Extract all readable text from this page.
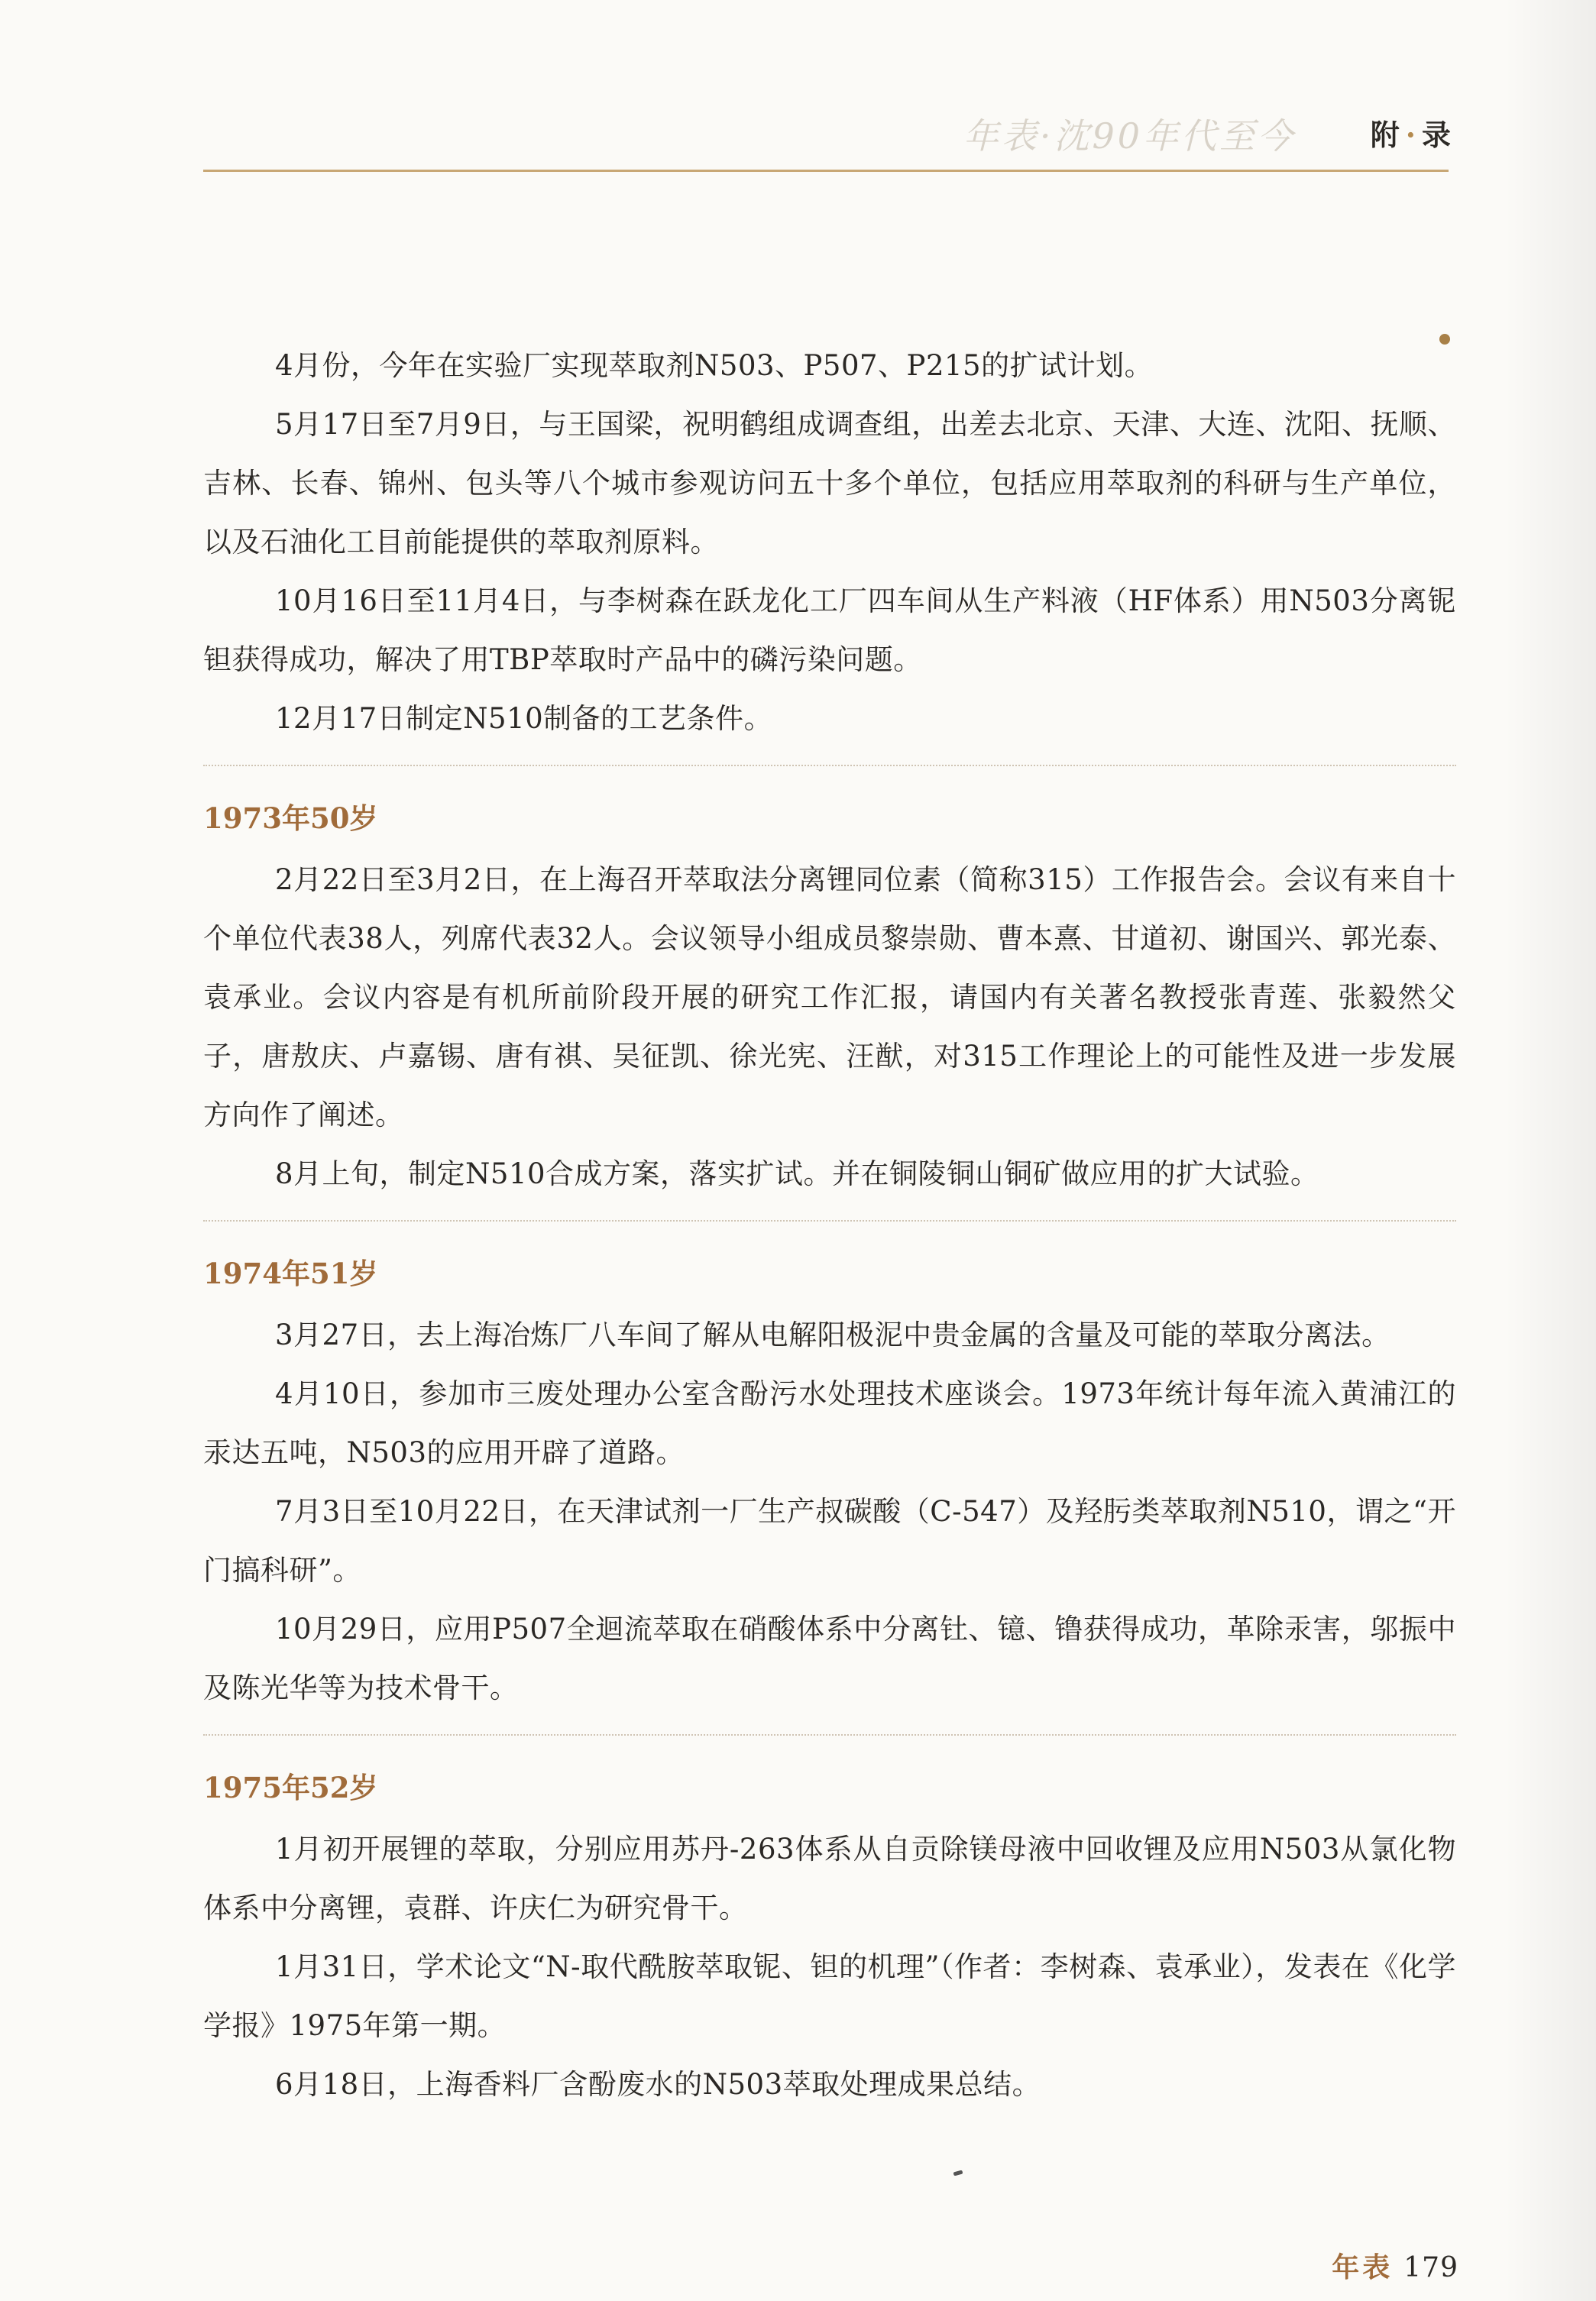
年表·沈90年代至今	附 · 录

4月份，今年在实验厂实现萃取剂N503、P507、P215的扩试计划。

5月17日至7月9日，与王国梁，祝明鹤组成调查组，出差去北京、天津、大连、沈阳、抚顺、吉林、长春、锦州、包头等八个城市参观访问五十多个单位，包括应用萃取剂的科研与生产单位，以及石油化工目前能提供的萃取剂原料。

10月16日至11月4日，与李树森在跃龙化工厂四车间从生产料液（HF体系）用N503分离铌钽获得成功，解决了用TBP萃取时产品中的磷污染问题。

12月17日制定N510制备的工艺条件。

1973年50岁

2月22日至3月2日，在上海召开萃取法分离锂同位素（简称315）工作报告会。会议有来自十个单位代表38人，列席代表32人。会议领导小组成员黎崇勋、曹本熹、甘道初、谢国兴、郭光泰、袁承业。会议内容是有机所前阶段开展的研究工作汇报，请国内有关著名教授张青莲、张毅然父子，唐敖庆、卢嘉锡、唐有祺、吴征凯、徐光宪、汪猷，对315工作理论上的可能性及进一步发展方向作了阐述。

8月上旬，制定N510合成方案，落实扩试。并在铜陵铜山铜矿做应用的扩大试验。

1974年51岁

3月27日，去上海冶炼厂八车间了解从电解阳极泥中贵金属的含量及可能的萃取分离法。

4月10日，参加市三废处理办公室含酚污水处理技术座谈会。1973年统计每年流入黄浦江的汞达五吨，N503的应用开辟了道路。

7月3日至10月22日，在天津试剂一厂生产叔碳酸（C-547）及羟肟类萃取剂N510，谓之“开门搞科研”。

10月29日，应用P507全迴流萃取在硝酸体系中分离钍、镱、镥获得成功，革除汞害，邬振中及陈光华等为技术骨干。

1975年52岁

1月初开展锂的萃取，分别应用苏丹-263体系从自贡除镁母液中回收锂及应用N503从氯化物体系中分离锂，袁群、许庆仁为研究骨干。

1月31日，学术论文“N-取代酰胺萃取铌、钽的机理”（作者：李树森、袁承业），发表在《化学学报》1975年第一期。

6月18日，上海香料厂含酚废水的N503萃取处理成果总结。

年表 179
